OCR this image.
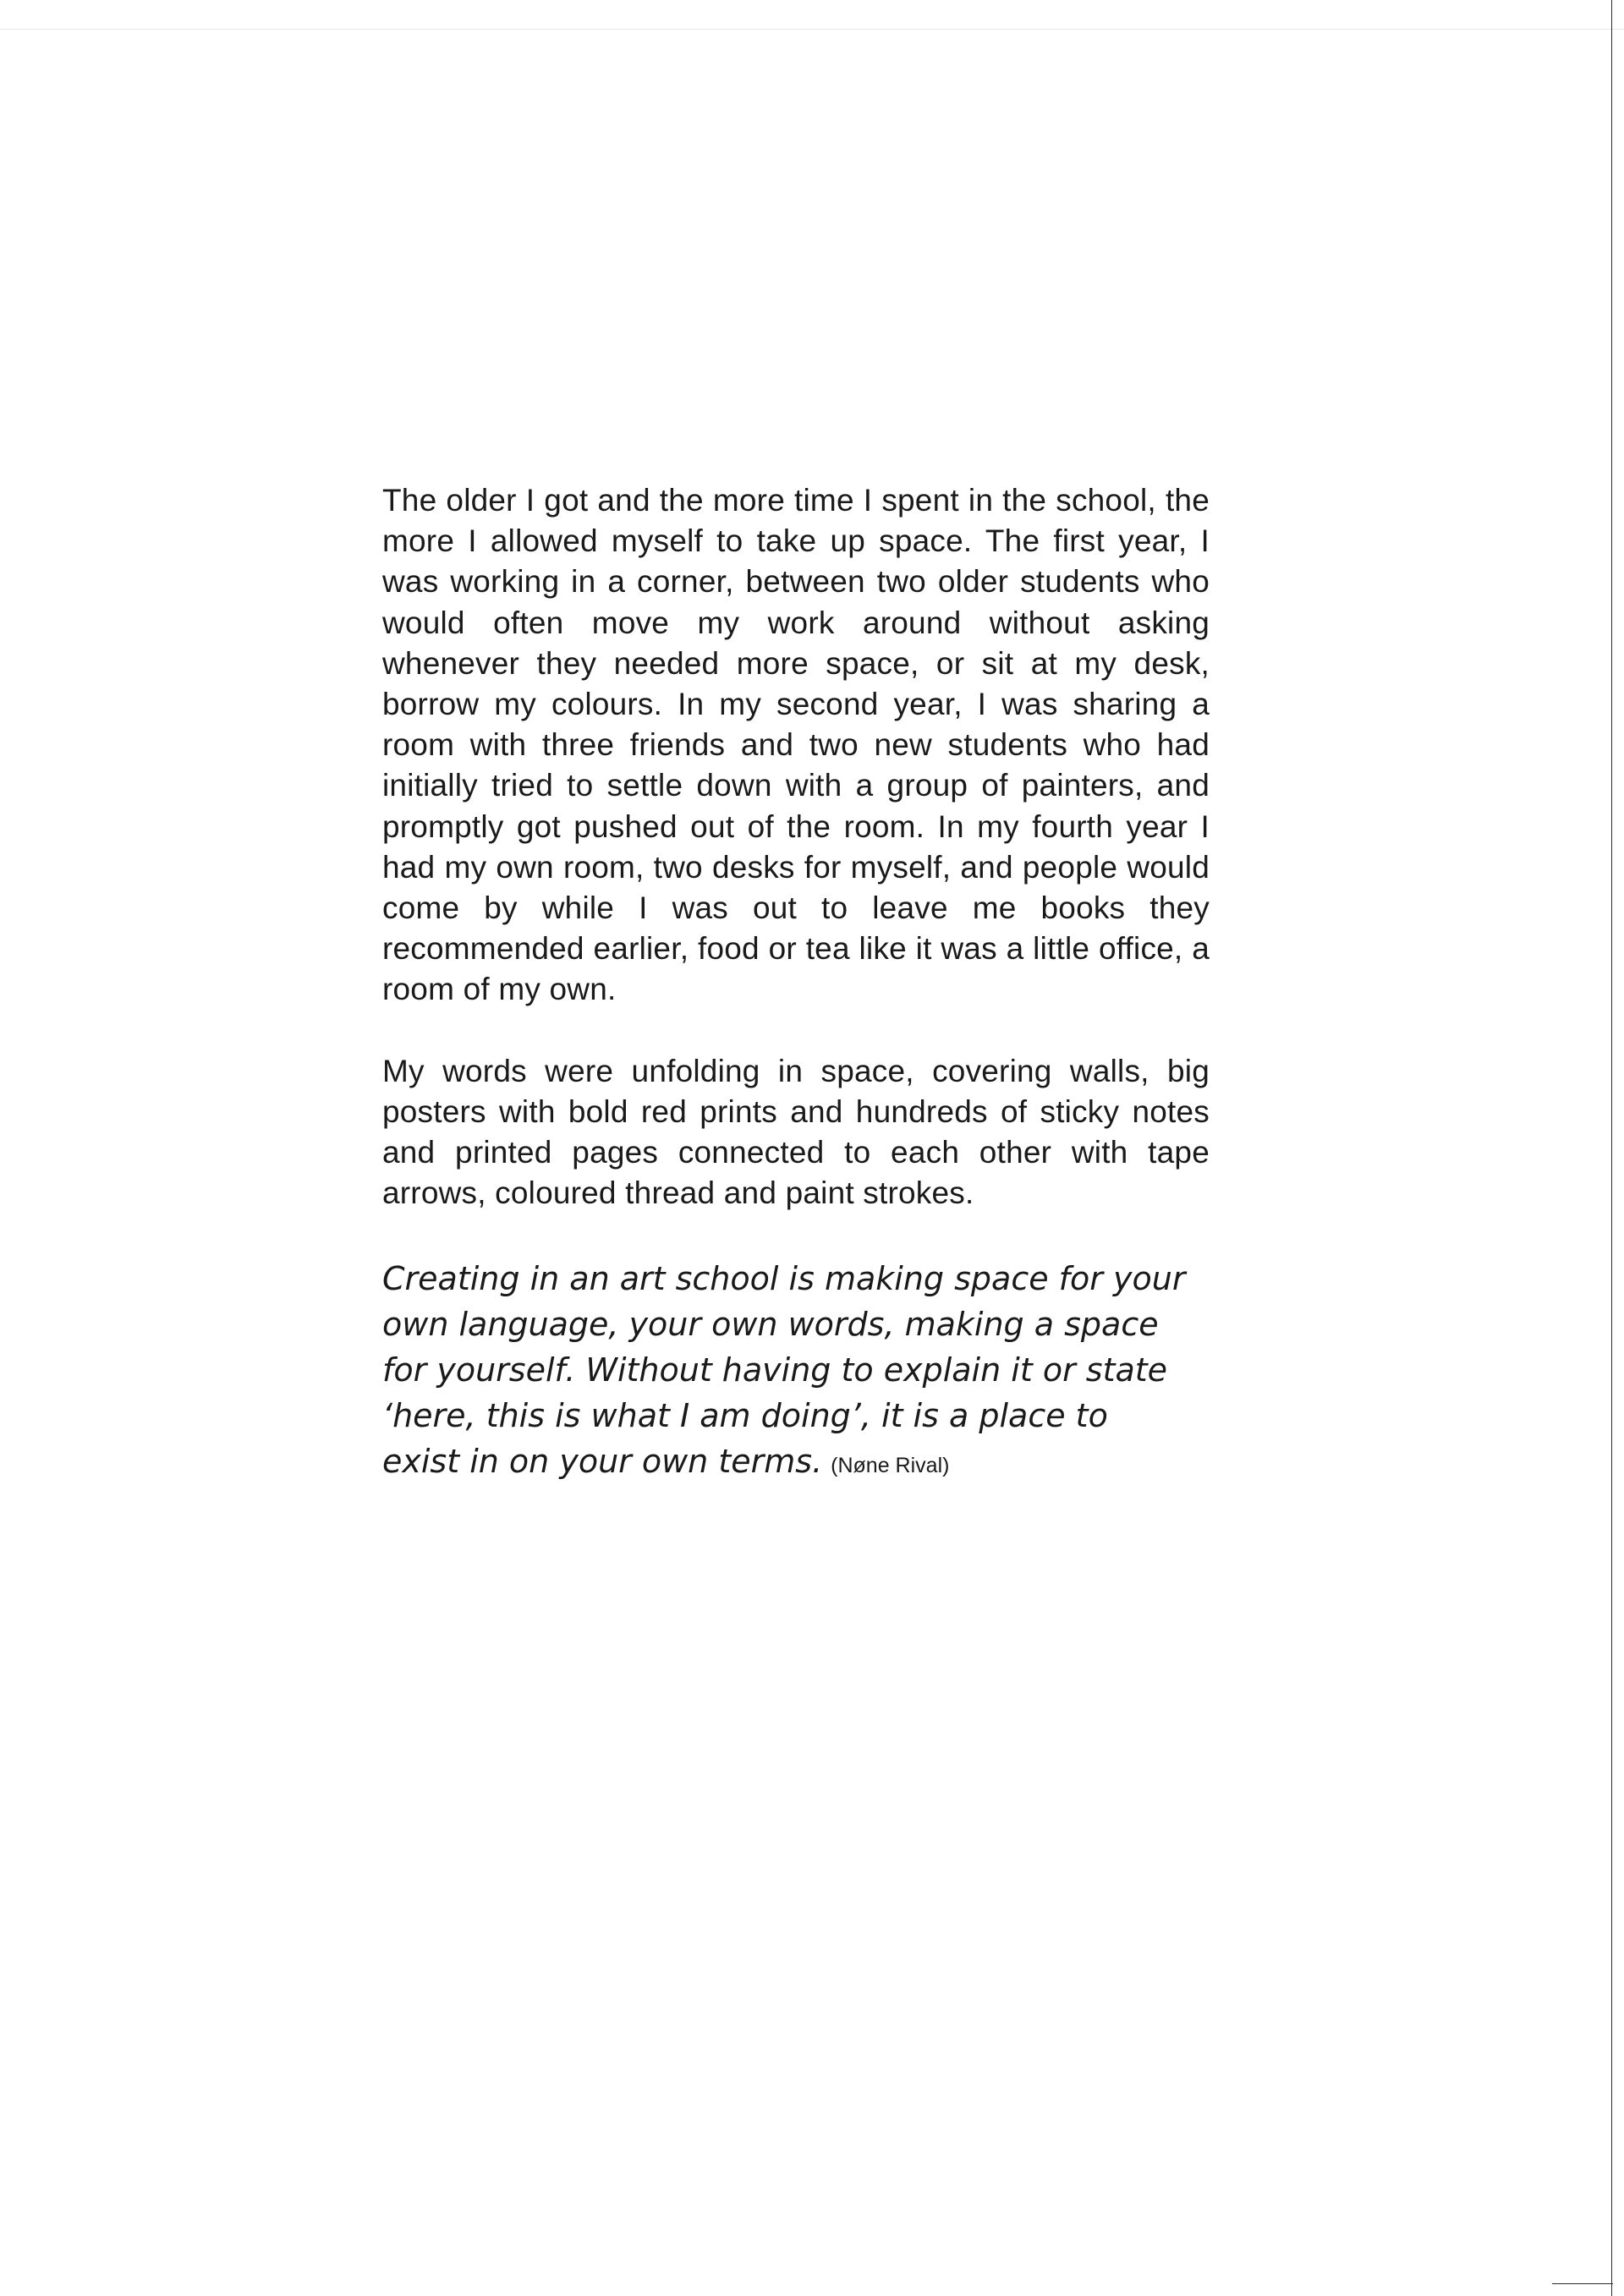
The older I got and the more time I spent in the school, the more I allowed myself to take up space. The first year, I was working in a corner, between two older students who would often move my work around without asking whenever they needed more space, or sit at my desk, borrow my colours. In my second year, I was sharing a room with three friends and two new students who had initially tried to settle down with a group of painters, and promptly got pushed out of the room. In my fourth year I had my own room, two desks for myself, and people would come by while I was out to leave me books they recommended earlier, food or tea like it was a little office, a room of my own.

My words were unfolding in space, covering walls, big posters with bold red prints and hundreds of sticky notes and printed pages connected to each other with tape arrows, coloured thread and paint strokes.

Creating in an art school is making space for your own language, your own words, making a space for yourself. Without having to explain it or state ‘here, this is what I am doing’, it is a place to exist in on your own terms. (Nøne Rival)
